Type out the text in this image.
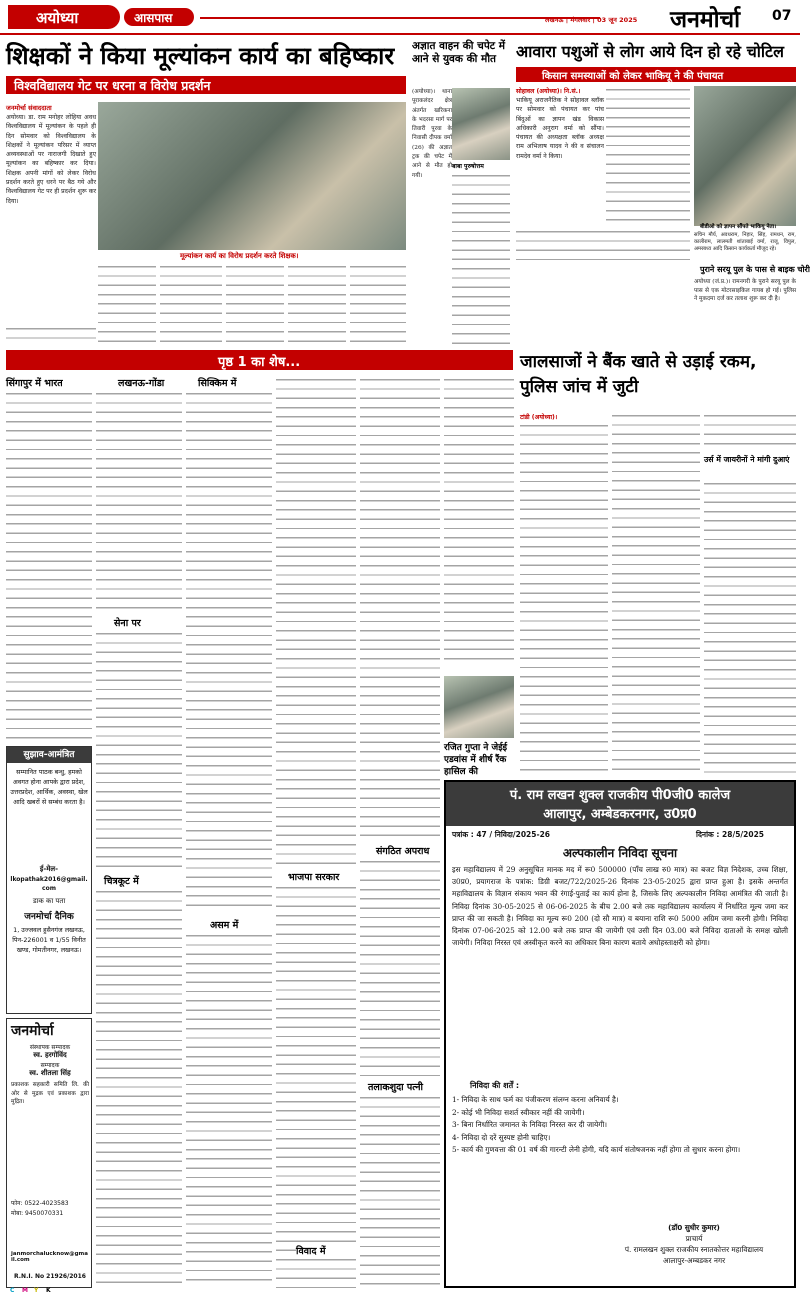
अयोध्या	आसपास	लखनऊ | मंगलवार | 03 जून 2025	जनमोर्चा	07
शिक्षकों ने किया मूल्यांकन कार्य का बहिष्कार
विश्वविद्यालय गेट पर धरना व विरोध प्रदर्शन
जनमोर्चा संवाददाता
अयोध्या। डा. राम मनोहर लोहिया अवध विश्वविद्यालय में मूल्यांकन के पहले ही दिन सोमवार को विश्वविद्यालय के शिक्षकों ने मूल्यांकन परिसर में व्याप्त अव्यवस्थाओं पर नाराजगी दिखाते हुए मूल्यांकन का बहिष्कार कर दिया। शिक्षक अपनी मांगों को लेकर विरोध प्रदर्शन करते हुए धरने पर बैठ गये और विश्वविद्यालय गेट पर ही प्रदर्शन शुरू कर दिया।
मूल्यांकन कार्य का विरोध प्रदर्शन करते शिक्षक।
अज्ञात वाहन की चपेट में आने से युवक की मौत
बाबा पुरुषोत्तम
(अयोध्या)। थाना पूराकलंदर क्षेत्र अंतर्गत खरिकना के भदरसा मार्ग पर तिवारी पुरवा के निवासी दीपक वर्मा (26) की अज्ञात ट्रक की चपेट में आने से मौत हो गयी।
आवारा पशुओं से लोग आये दिन हो रहे चोटिल
किसान समस्याओं को लेकर भाकियू ने की पंचायत
सोहावल (अयोध्या)। नि.सं.।
भाकियू अराजनैतिक ने सोहावल ब्लॉक पर सोमवार को पंचायत कर पांच बिंदुओं का ज्ञापन खंड विकास अधिकारी अनुराग वर्मा को सौंपा। पंचायत की अध्यक्षता ब्लॉक अध्यक्ष राम अभिलाष यादव ने की व संचालन रामदेव वर्मा ने किया।
बीडीओ को ज्ञापन सौंपते भाकियू नेता।
सचिन मौर्य, अवधराम, निहार, सिंह, रामधन, राम, कालीराम, लालमती शांताबाई वर्मा, राजू, विपुल, अमरबध्य आदि किसान कार्यकर्ता मौजूद रहे।
पुराने सरयू पुल के पास से बाइक चोरी
अयोध्या (जं.प्र.)। रामनगरी के पुराने सरयू पुल के पास से एक मोटरसाइकिल गायब हो गई। पुलिस ने मुकदमा दर्ज कर तलाश शुरू कर दी है।
पृष्ठ 1 का शेष...
सिंगापुर में भारत	लखनऊ-गोंडा
सेना पर
चित्रकूट में
सिक्किम में
असम में
भाजपा सरकार
संगठित अपराध
तलाकशुदा पत्नी
रजित गुप्ता ने जेईई एडवांस में शीर्ष रैंक हासिल की
विवाद में
जालसाजों ने बैंक खाते से उड़ाई रकम, पुलिस जांच में जुटी
टांडी (अयोध्या)।
उर्स में जायरीनों ने मांगी दुआएं
पं. राम लखन शुक्ल राजकीय पी0जी0 कालेज
आलापुर, अम्बेडकरनगर, उ0प्र0
पत्रांक : 47 / निविदा/2025-26	दिनांक : 28/5/2025
अल्पकालीन निविदा सूचना
इस महाविद्यालय में 29 अनुसूचित मानक मद में रू0 500000 (पाँच लाख रु0 मात्र) का बजट विज्ञ निदेशक, उच्च शिक्षा, उ0प्र0, प्रयागराज के पत्रांक: डिग्री बजट/722/2025-26 दिनांक 23-05-2025 द्वारा प्राप्त हुआ है। इसके अन्तर्गत महाविद्यालय के विज्ञान संकाय भवन की रंगाई-पुताई का कार्य होना है, जिसके लिए अल्पकालीन निविदा आमंत्रित की जाती है। निविदा दिनांक 30-05-2025 से 06-06-2025 के बीच 2.00 बजे तक महाविद्यालय कार्यालय में निर्धारित मूल्य जमा कर प्राप्त की जा सकती है। निविदा का मूल्य रू0 200 (दो सौ मात्र) व बयाना राशि रू0 5000 अग्रिम जमा करनी होगी। निविदा दिनांक 07-06-2025 को 12.00 बजे तक प्राप्त की जायेगी एवं उसी दिन 03.00 बजे निविदा दाताओं के समक्ष खोली जायेगी। निविदा निरस्त एवं अस्वीकृत करने का अधिकार बिना कारण बताये अधोहस्ताक्षरी को होगा।
निविदा की शर्तें :
1- निविदा के साथ फर्म का पंजीकरण संलग्न करना अनिवार्य है।
2- कोई भी निविदा सशर्त स्वीकार नहीं की जायेगी।
3- बिना निर्धारित जमानत के निविदा निरस्त कर दी जायेगी।
4- निविदा दो दरें सुस्पष्ट होनी चाहिए।
5- कार्य की गुणवत्ता की 01 वर्ष की गारन्टी लेनी होगी, यदि कार्य संतोषजनक नहीं होगा तो सुधार करना होगा।
(डॉ0 सुधीर कुमार)
प्राचार्य
पं. रामलखन शुक्ल राजकीय स्नातकोत्तर महाविद्यालय
आलापुर-अम्बडकर नगर
सुझाव-आमंत्रित
सम्मानित पाठक बन्धु, हमको अवगत होना आपके द्वारा प्रदेश, उत्तरप्रदेश, आर्थिक, अवस्था, खेल आदि खबरों से सम्बंध करता है।
ई-मेल-
lkopathak2016@gmail.com
डाक का पता
जनमोर्चा दैनिक
1, उज्जवल हुसैनगंज लखनऊ, पिन-226001 व 1/55 विनीत खण्ड, गोमतीनगर, लखनऊ।
जनमोर्चा
संस्थापक सम्पादक
स्व. हरगोविंद
सम्पादक
स्व. शीतला सिंह
प्रकाशक सहकारी समिति लि. की ओर से मुद्रक एवं प्रकाशक द्वारा मुद्रित।
फोन: 0522-4023583
मोबा: 9450070331
janmorchalucknow@gmail.com
R.N.I. No 21926/2016
C M Y K
